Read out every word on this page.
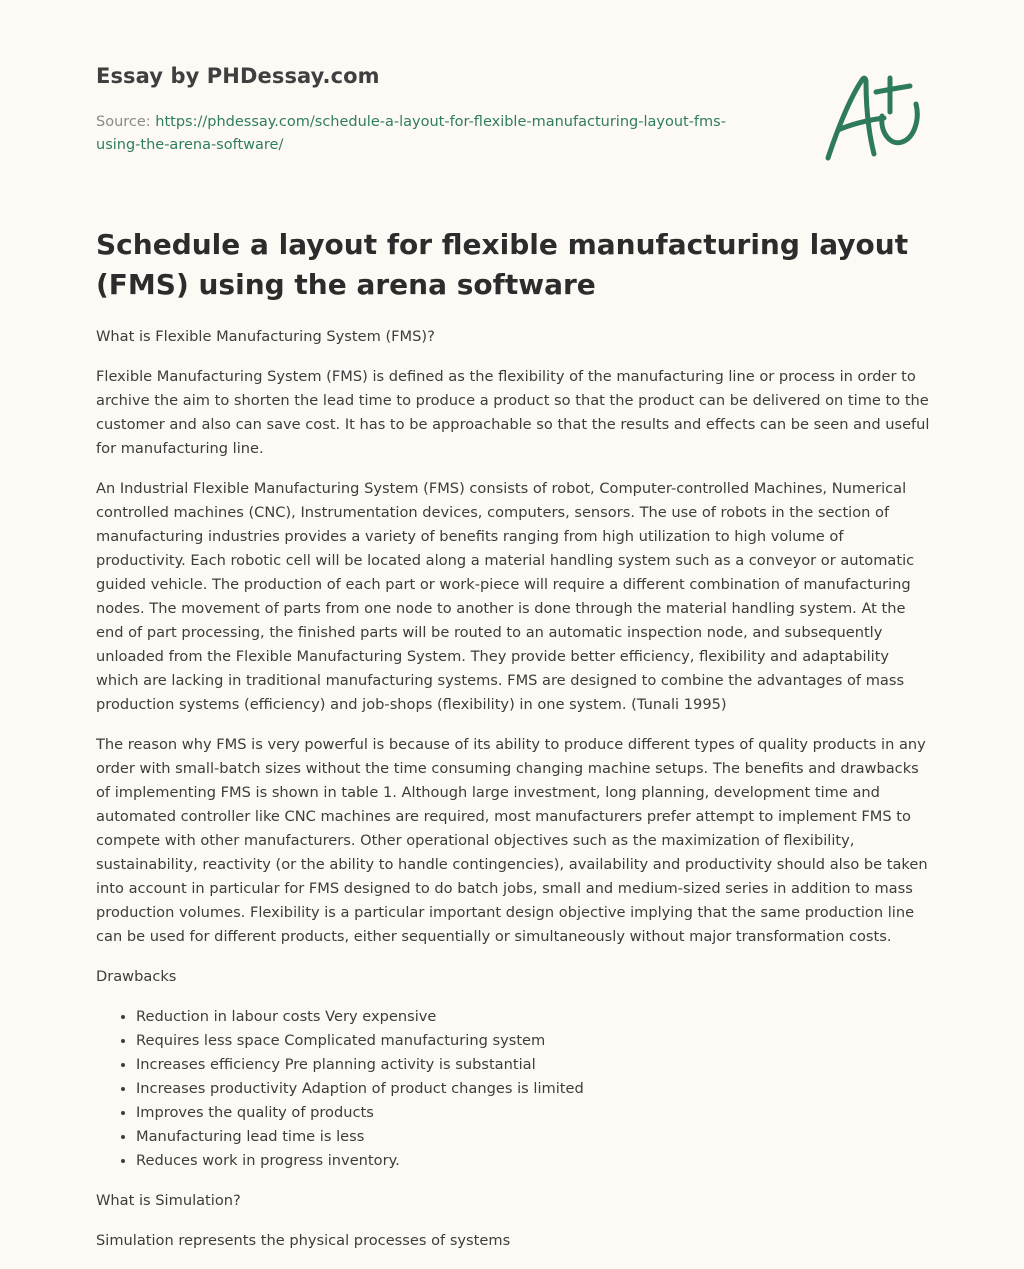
Essay by PHDessay.com
Source: https://phdessay.com/schedule-a-layout-for-flexible-manufacturing-layout-fms-using-the-arena-software/
Schedule a layout for flexible manufacturing layout (FMS) using the arena software

What is Flexible Manufacturing System (FMS)?

Flexible Manufacturing System (FMS) is defined as the flexibility of the manufacturing line or process in order to archive the aim to shorten the lead time to produce a product so that the product can be delivered on time to the customer and also can save cost. It has to be approachable so that the results and effects can be seen and useful for manufacturing line.

An Industrial Flexible Manufacturing System (FMS) consists of robot, Computer-controlled Machines, Numerical controlled machines (CNC), Instrumentation devices, computers, sensors. The use of robots in the section of manufacturing industries provides a variety of benefits ranging from high utilization to high volume of productivity. Each robotic cell will be located along a material handling system such as a conveyor or automatic guided vehicle. The production of each part or work-piece will require a different combination of manufacturing nodes. The movement of parts from one node to another is done through the material handling system. At the end of part processing, the finished parts will be routed to an automatic inspection node, and subsequently unloaded from the Flexible Manufacturing System. They provide better efficiency, flexibility and adaptability which are lacking in traditional manufacturing systems. FMS are designed to combine the advantages of mass production systems (efficiency) and job-shops (flexibility) in one system. (Tunali 1995)

The reason why FMS is very powerful is because of its ability to produce different types of quality products in any order with small-batch sizes without the time consuming changing machine setups. The benefits and drawbacks of implementing FMS is shown in table 1. Although large investment, long planning, development time and automated controller like CNC machines are required, most manufacturers prefer attempt to implement FMS to compete with other manufacturers. Other operational objectives such as the maximization of flexibility, sustainability, reactivity (or the ability to handle contingencies), availability and productivity should also be taken into account in particular for FMS designed to do batch jobs, small and medium-sized series in addition to mass production volumes. Flexibility is a particular important design objective implying that the same production line can be used for different products, either sequentially or simultaneously without major transformation costs.

Drawbacks

• Reduction in labour costs Very expensive
• Requires less space Complicated manufacturing system
• Increases efficiency Pre planning activity is substantial
• Increases productivity Adaption of product changes is limited
• Improves the quality of products
• Manufacturing lead time is less
• Reduces work in progress inventory.

What is Simulation?

Simulation represents the physical processes of systems
